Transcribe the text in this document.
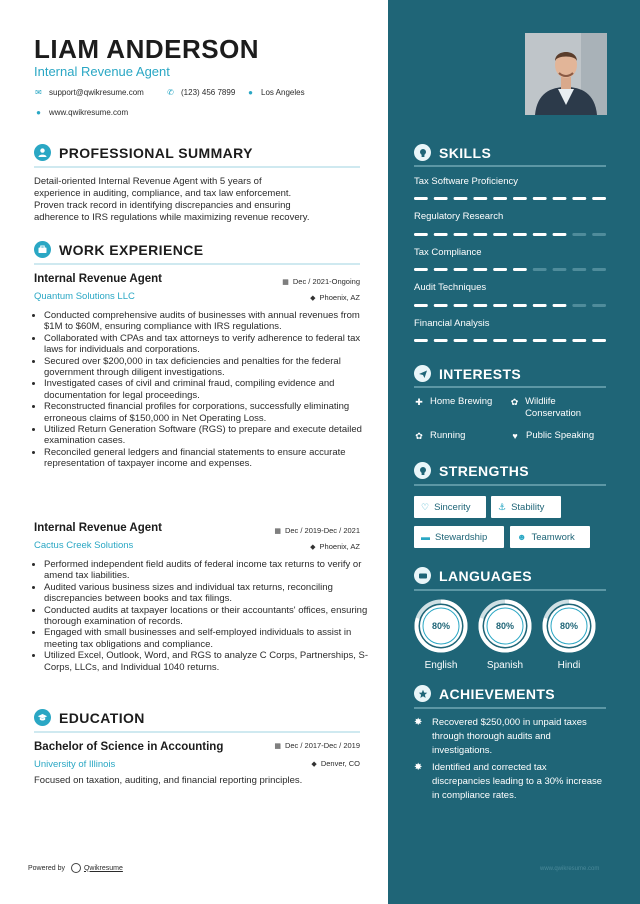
LIAM ANDERSON
Internal Revenue Agent
✉ support@qwikresume.com	✆ (123) 456 7899 ● Los Angeles
● www.qwikresume.com
PROFESSIONAL SUMMARY
Detail-oriented Internal Revenue Agent with 5 years of
experience in auditing, compliance, and tax law enforcement.
Proven track record in identifying discrepancies and ensuring
adherence to IRS regulations while maximizing revenue recovery.
WORK EXPERIENCE
Internal Revenue Agent	▦ Dec / 2021-Ongoing
Quantum Solutions LLC	◆ Phoenix, AZ
• Conducted comprehensive audits of businesses with annual revenues from $1M to $60M, ensuring compliance with IRS regulations.
• Collaborated with CPAs and tax attorneys to verify adherence to federal tax laws for individuals and corporations.
• Secured over $200,000 in tax deficiencies and penalties for the federal government through diligent investigations.
• Investigated cases of civil and criminal fraud, compiling evidence and documentation for legal proceedings.
• Reconstructed financial profiles for corporations, successfully eliminating erroneous claims of $150,000 in Net Operating Loss.
• Utilized Return Generation Software (RGS) to prepare and execute detailed examination cases.
• Reconciled general ledgers and financial statements to ensure accurate representation of taxpayer income and expenses.
Internal Revenue Agent	▦ Dec / 2019-Dec / 2021
Cactus Creek Solutions	◆ Phoenix, AZ
• Performed independent field audits of federal income tax returns to verify or amend tax liabilities.
• Audited various business sizes and individual tax returns, reconciling discrepancies between books and tax filings.
• Conducted audits at taxpayer locations or their accountants' offices, ensuring thorough examination of records.
• Engaged with small businesses and self-employed individuals to assist in meeting tax obligations and compliance.
• Utilized Excel, Outlook, Word, and RGS to analyze C Corps, Partnerships, S-Corps, LLCs, and Individual 1040 returns.
EDUCATION
Bachelor of Science in Accounting	▦ Dec / 2017-Dec / 2019
University of Illinois	◆ Denver, CO
Focused on taxation, auditing, and financial reporting principles.
Powered by	Qwikresume
SKILLS
Tax Software Proficiency
Regulatory Research
Tax Compliance
Audit Techniques
Financial Analysis
INTERESTS
✚ Home Brewing ✿ Wildlife Conservation
✿ Running	♥ Public Speaking
STRENGTHS
♡ Sincerity	⚓ Stability
▬ Stewardship	☻ Teamwork
LANGUAGES
80%
English
80%
Spanish
80%
Hindi
ACHIEVEMENTS
✸	Recovered $250,000 in unpaid taxes through thorough audits and investigations.
✸	Identified and corrected tax discrepancies leading to a 30% increase in compliance rates.
www.qwikresume.com
